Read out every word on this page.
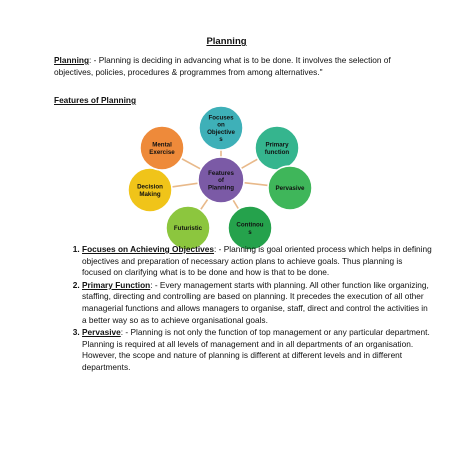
Planning
Planning: - Planning is deciding in advancing what is to be done. It involves the selection of objectives, policies, procedures & programmes from among alternatives."
Features of Planning
Features
of
Planning
Focuses
on
Objective
s
Primary
function
Pervasive
Continou
s
Futuristic
Decision
Making
Mental
Exercise
1. Focuses on Achieving Objectives: - Planning is goal oriented process which helps in defining objectives and preparation of necessary action plans to achieve goals. Thus planning is focused on clarifying what is to be done and how is that to be done.
2. Primary Function: - Every management starts with planning. All other function like organizing, staffing, directing and controlling are based on planning. It precedes the execution of all other managerial functions and allows managers to organise, staff, direct and control the activities in a better way so as to achieve organisational goals.
3. Pervasive: - Planning is not only the function of top management or any particular department. Planning is required at all levels of management and in all departments of an organisation. However, the scope and nature of planning is different at different levels and in different departments.
